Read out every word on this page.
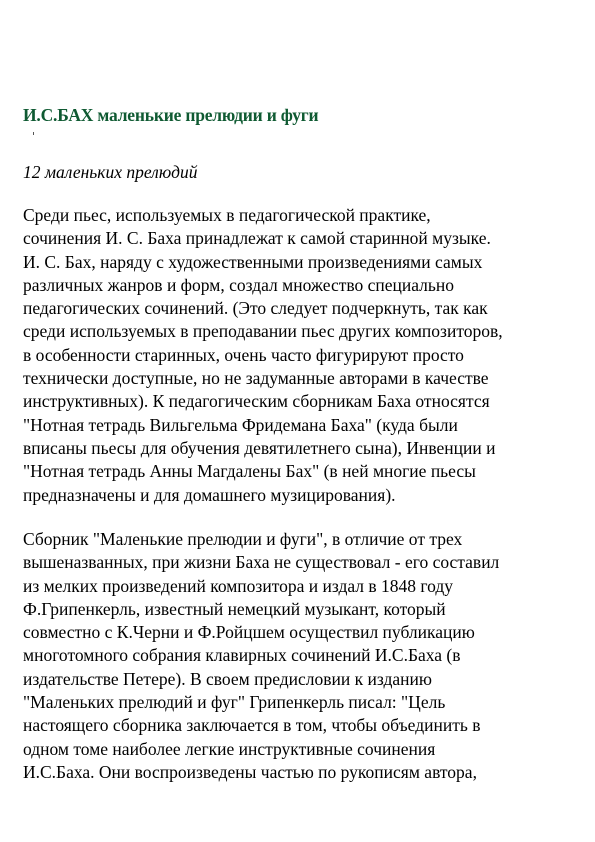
И.С.БАХ маленькие прелюдии и фуги
12 маленьких прелюдий
Среди пьес, используемых в педагогической практике,
сочинения И. С. Баха принадлежат к самой старинной музыке.
И. С. Бах, наряду с художественными произведениями самых
различных жанров и форм, создал множество специально
педагогических сочинений. (Это следует подчеркнуть, так как
среди используемых в преподавании пьес других композиторов,
в особенности старинных, очень часто фигурируют просто
технически доступные, но не задуманные авторами в качестве
инструктивных). К педагогическим сборникам Баха относятся
"Нотная тетрадь Вильгельма Фридемана Баха" (куда были
вписаны пьесы для обучения девятилетнего сына), Инвенции и
"Нотная тетрадь Анны Магдалены Бах" (в ней многие пьесы
предназначены и для домашнего музицирования).
Сборник "Маленькие прелюдии и фуги", в отличие от трех
вышеназванных, при жизни Баха не существовал - его составил
из мелких произведений композитора и издал в 1848 году
Ф.Грипенкерль, известный немецкий музыкант, который
совместно с К.Черни и Ф.Ройцшем осуществил публикацию
многотомного собрания клавирных сочинений И.С.Баха (в
издательстве Петере). В своем предисловии к изданию
"Маленьких прелюдий и фуг" Грипенкерль писал: "Цель
настоящего сборника заключается в том, чтобы объединить в
одном томе наиболее легкие инструктивные сочинения
И.С.Баха. Они воспроизведены частью по рукописям автора,
